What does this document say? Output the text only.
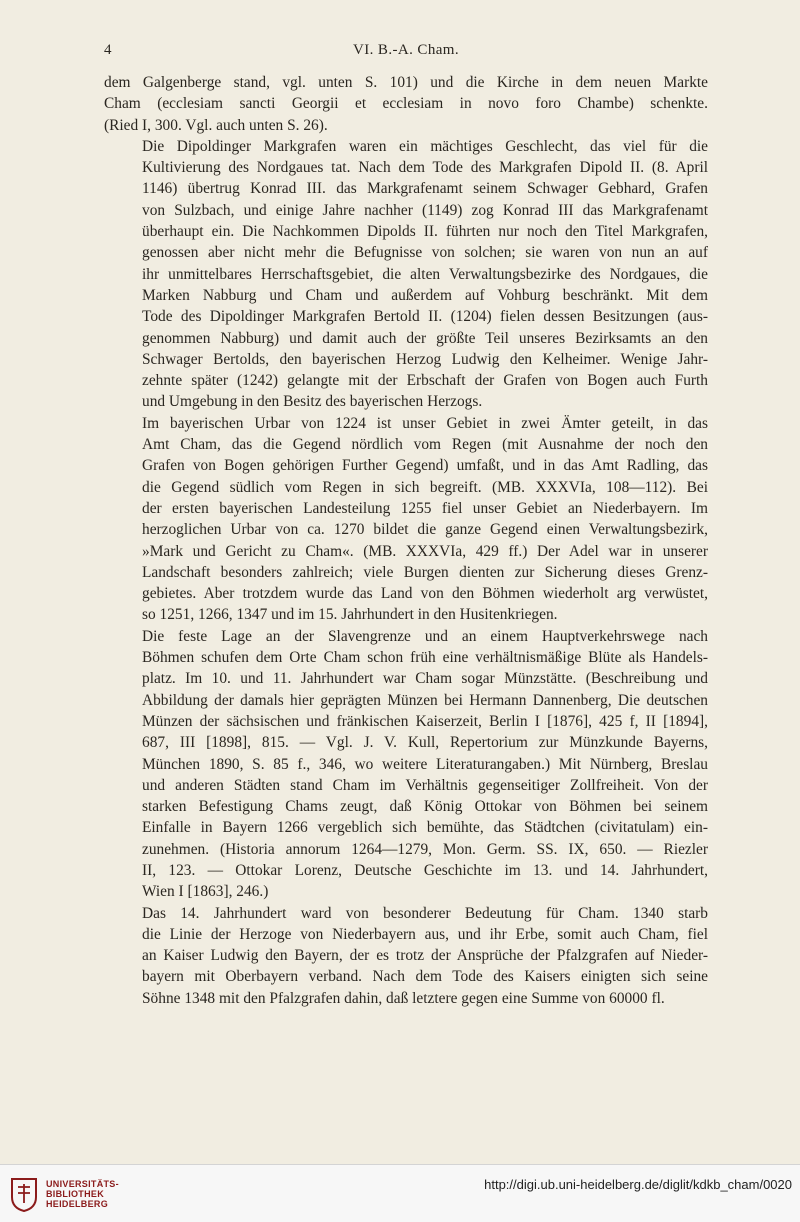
4	VI. B.-A. Cham.

dem Galgenberge stand, vgl. unten S. 101) und die Kirche in dem neuen Markte
Cham (ecclesiam sancti Georgii et ecclesiam in novo foro Chambe) schenkte.
(Ried I, 300. Vgl. auch unten S. 26).

Die Dipoldinger Markgrafen waren ein mächtiges Geschlecht, das viel für die
Kultivierung des Nordgaues tat. Nach dem Tode des Markgrafen Dipold II. (8. April
1146) übertrug Konrad III. das Markgrafenamt seinem Schwager Gebhard, Grafen
von Sulzbach, und einige Jahre nachher (1149) zog Konrad III das Markgrafenamt
überhaupt ein. Die Nachkommen Dipolds II. führten nur noch den Titel Markgrafen,
genossen aber nicht mehr die Befugnisse von solchen; sie waren von nun an auf
ihr unmittelbares Herrschaftsgebiet, die alten Verwaltungsbezirke des Nordgaues, die
Marken Nabburg und Cham und außerdem auf Vohburg beschränkt. Mit dem
Tode des Dipoldinger Markgrafen Bertold II. (1204) fielen dessen Besitzungen (aus-
genommen Nabburg) und damit auch der größte Teil unseres Bezirksamts an den
Schwager Bertolds, den bayerischen Herzog Ludwig den Kelheimer. Wenige Jahr-
zehnte später (1242) gelangte mit der Erbschaft der Grafen von Bogen auch Furth
und Umgebung in den Besitz des bayerischen Herzogs.

Im bayerischen Urbar von 1224 ist unser Gebiet in zwei Ämter geteilt, in das
Amt Cham, das die Gegend nördlich vom Regen (mit Ausnahme der noch den
Grafen von Bogen gehörigen Further Gegend) umfaßt, und in das Amt Radling, das
die Gegend südlich vom Regen in sich begreift. (MB. XXXVIa, 108—112). Bei
der ersten bayerischen Landesteilung 1255 fiel unser Gebiet an Niederbayern. Im
herzoglichen Urbar von ca. 1270 bildet die ganze Gegend einen Verwaltungsbezirk,
»Mark und Gericht zu Cham«. (MB. XXXVIa, 429 ff.) Der Adel war in unserer
Landschaft besonders zahlreich; viele Burgen dienten zur Sicherung dieses Grenz-
gebietes. Aber trotzdem wurde das Land von den Böhmen wiederholt arg verwüstet,
so 1251, 1266, 1347 und im 15. Jahrhundert in den Husitenkriegen.

Die feste Lage an der Slavengrenze und an einem Hauptverkehrswege nach
Böhmen schufen dem Orte Cham schon früh eine verhältnismäßige Blüte als Handels-
platz. Im 10. und 11. Jahrhundert war Cham sogar Münzstätte. (Beschreibung und
Abbildung der damals hier geprägten Münzen bei Hermann Dannenberg, Die deutschen
Münzen der sächsischen und fränkischen Kaiserzeit, Berlin I [1876], 425 f, II [1894],
687, III [1898], 815. — Vgl. J. V. Kull, Repertorium zur Münzkunde Bayerns,
München 1890, S. 85 f., 346, wo weitere Literaturangaben.) Mit Nürnberg, Breslau
und anderen Städten stand Cham im Verhältnis gegenseitiger Zollfreiheit. Von der
starken Befestigung Chams zeugt, daß König Ottokar von Böhmen bei seinem
Einfalle in Bayern 1266 vergeblich sich bemühte, das Städtchen (civitatulam) ein-
zunehmen. (Historia annorum 1264—1279, Mon. Germ. SS. IX, 650. — Riezler
II, 123. — Ottokar Lorenz, Deutsche Geschichte im 13. und 14. Jahrhundert,
Wien I [1863], 246.)

Das 14. Jahrhundert ward von besonderer Bedeutung für Cham. 1340 starb
die Linie der Herzoge von Niederbayern aus, und ihr Erbe, somit auch Cham, fiel
an Kaiser Ludwig den Bayern, der es trotz der Ansprüche der Pfalzgrafen auf Nieder-
bayern mit Oberbayern verband. Nach dem Tode des Kaisers einigten sich seine
Söhne 1348 mit den Pfalzgrafen dahin, daß letztere gegen eine Summe von 60000 fl.

UNIVERSITÄTS-
BIBLIOTHEK
HEIDELBERG
http://digi.ub.uni-heidelberg.de/diglit/kdkb_cham/0020
